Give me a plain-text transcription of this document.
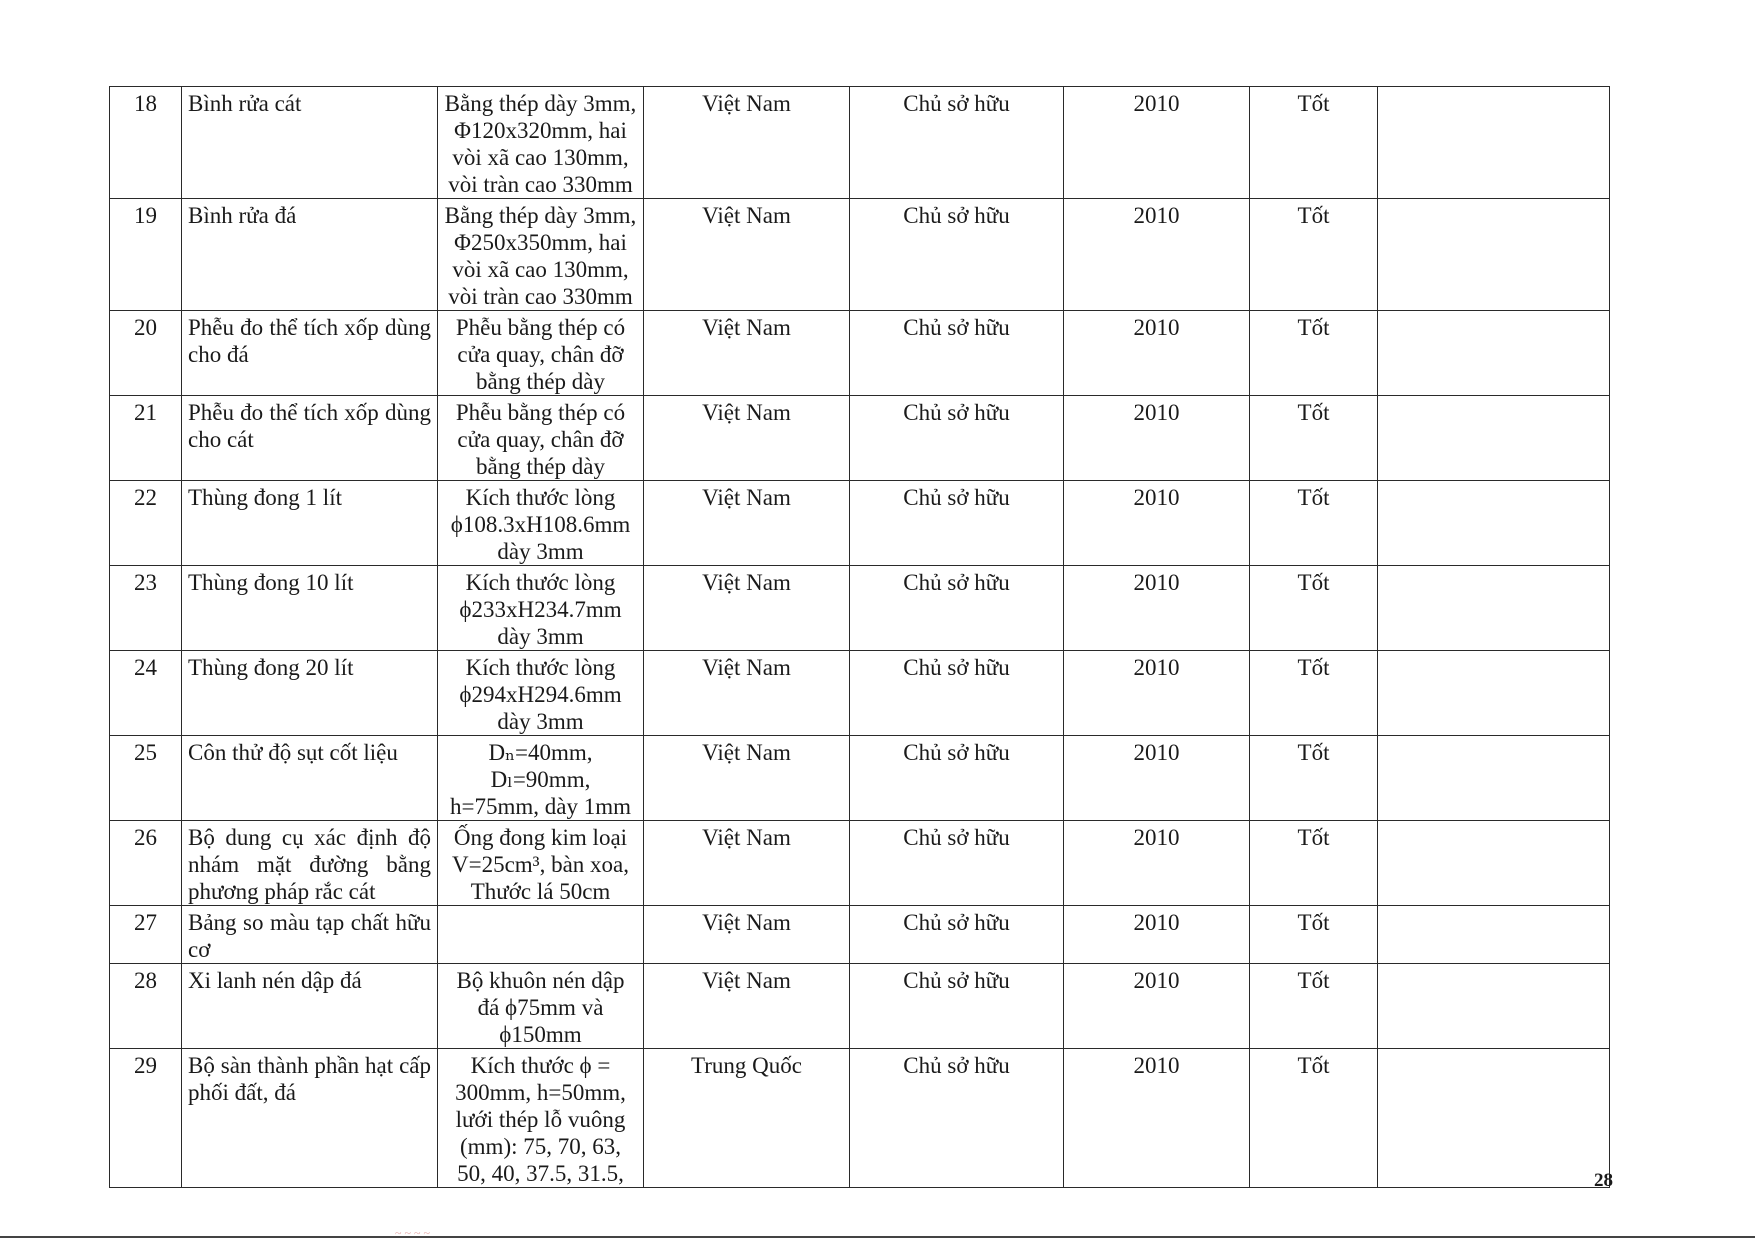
18	Bình rửa cát	Bằng thép dày 3mm, Φ120x320mm, hai vòi xã cao 130mm, vòi tràn cao 330mm	Việt Nam	Chủ sở hữu	2010	Tốt	
19	Bình rửa đá	Bằng thép dày 3mm, Φ250x350mm, hai vòi xã cao 130mm, vòi tràn cao 330mm	Việt Nam	Chủ sở hữu	2010	Tốt	
20	Phễu đo thể tích xốp dùng cho đá	Phễu bằng thép có cửa quay, chân đỡ bằng thép dày	Việt Nam	Chủ sở hữu	2010	Tốt	
21	Phễu đo thể tích xốp dùng cho cát	Phễu bằng thép có cửa quay, chân đỡ bằng thép dày	Việt Nam	Chủ sở hữu	2010	Tốt	
22	Thùng đong 1 lít	Kích thước lòng ϕ108.3xH108.6mm dày 3mm	Việt Nam	Chủ sở hữu	2010	Tốt	
23	Thùng đong 10 lít	Kích thước lòng ϕ233xH234.7mm dày 3mm	Việt Nam	Chủ sở hữu	2010	Tốt	
24	Thùng đong 20 lít	Kích thước lòng ϕ294xH294.6mm dày 3mm	Việt Nam	Chủ sở hữu	2010	Tốt	
25	Côn thử độ sụt cốt liệu	Dₙ=40mm, Dₗ=90mm, h=75mm, dày 1mm	Việt Nam	Chủ sở hữu	2010	Tốt	
26	Bộ dung cụ xác định độ nhám mặt đường bằng phương pháp rắc cát	Ống đong kim loại V=25cm³, bàn xoa, Thước lá 50cm	Việt Nam	Chủ sở hữu	2010	Tốt	
27	Bảng so màu tạp chất hữu cơ		Việt Nam	Chủ sở hữu	2010	Tốt	
28	Xi lanh nén dập đá	Bộ khuôn nén dập đá ϕ75mm và ϕ150mm	Việt Nam	Chủ sở hữu	2010	Tốt	
29	Bộ sàn thành phần hạt cấp phối đất, đá	Kích thước ϕ = 300mm, h=50mm, lưới thép lỗ vuông (mm): 75, 70, 63, 50, 40, 37.5, 31.5,	Trung Quốc	Chủ sở hữu	2010	Tốt	
28
~ ~ ~ ~
